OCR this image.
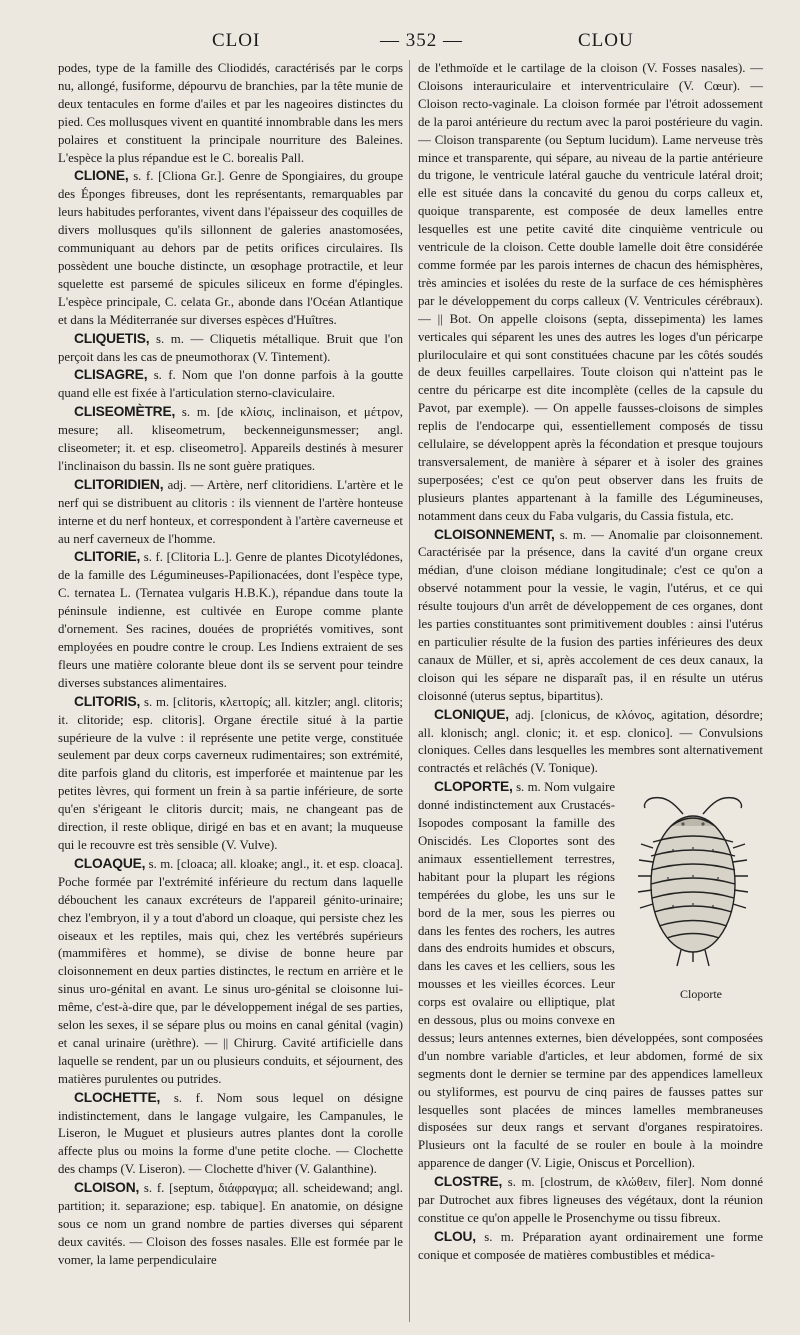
CLOI	— 352 —	CLOU

podes, type de la famille des Cliodidés, caractérisés par le corps nu, allongé, fusiforme, dépourvu de branchies, par la tête munie de deux tentacules en forme d'ailes et par les nageoires distinctes du pied. Ces mollusques vivent en quantité innombrable dans les mers polaires et constituent la principale nourriture des Baleines. L'espèce la plus répandue est le C. borealis Pall.

CLIONE, s. f. [Cliona Gr.]. Genre de Spongiaires, du groupe des Éponges fibreuses, dont les représentants, remarquables par leurs habitudes perforantes, vivent dans l'épaisseur des coquilles de divers mollusques qu'ils sillonnent de galeries anastomosées, communiquant au dehors par de petits orifices circulaires. Ils possèdent une bouche distincte, un œsophage protractile, et leur squelette est parsemé de spicules siliceux en forme d'épingles. L'espèce principale, C. celata Gr., abonde dans l'Océan Atlantique et dans la Méditerranée sur diverses espèces d'Huîtres.

CLIQUETIS, s. m. — Cliquetis métallique. Bruit que l'on perçoit dans les cas de pneumothorax (V. Tintement).

CLISAGRE, s. f. Nom que l'on donne parfois à la goutte quand elle est fixée à l'articulation sterno-claviculaire.

CLISEOMÈTRE, s. m. [de κλίσις, inclinaison, et μέτρον, mesure; all. kliseometrum, beckenneigunsmesser; angl. cliseometer; it. et esp. cliseometro]. Appareils destinés à mesurer l'inclinaison du bassin. Ils ne sont guère pratiques.

CLITORIDIEN, adj. — Artère, nerf clitoridiens. L'artère et le nerf qui se distribuent au clitoris : ils viennent de l'artère honteuse interne et du nerf honteux, et correspondent à l'artère caverneuse et au nerf caverneux de l'homme.

CLITORIE, s. f. [Clitoria L.]. Genre de plantes Dicotylédones, de la famille des Légumineuses-Papilionacées, dont l'espèce type, C. ternatea L. (Ternatea vulgaris H.B.K.), répandue dans toute la péninsule indienne, est cultivée en Europe comme plante d'ornement. Ses racines, douées de propriétés vomitives, sont employées en poudre contre le croup. Les Indiens extraient de ses fleurs une matière colorante bleue dont ils se servent pour teindre diverses substances alimentaires.

CLITORIS, s. m. [clitoris, κλειτορίς; all. kitzler; angl. clitoris; it. clitoride; esp. clitoris]. Organe érectile situé à la partie supérieure de la vulve : il représente une petite verge, constituée seulement par deux corps caverneux rudimentaires; son extrémité, dite parfois gland du clitoris, est imperforée et maintenue par les petites lèvres, qui forment un frein à sa partie inférieure, de sorte qu'en s'érigeant le clitoris durcit; mais, ne changeant pas de direction, il reste oblique, dirigé en bas et en avant; la muqueuse qui le recouvre est très sensible (V. Vulve).

CLOAQUE, s. m. [cloaca; all. kloake; angl., it. et esp. cloaca]. Poche formée par l'extrémité inférieure du rectum dans laquelle débouchent les canaux excréteurs de l'appareil génito-urinaire; chez l'embryon, il y a tout d'abord un cloaque, qui persiste chez les oiseaux et les reptiles, mais qui, chez les vertébrés supérieurs (mammifères et homme), se divise de bonne heure par cloisonnement en deux parties distinctes, le rectum en arrière et le sinus uro-génital en avant. Le sinus uro-génital se cloisonne lui-même, c'est-à-dire que, par le développement inégal de ses parties, selon les sexes, il se sépare plus ou moins en canal génital (vagin) et canal urinaire (urèthre). — || Chirurg. Cavité artificielle dans laquelle se rendent, par un ou plusieurs conduits, et séjournent, des matières purulentes ou putrides.

CLOCHETTE, s. f. Nom sous lequel on désigne indistinctement, dans le langage vulgaire, les Campanules, le Liseron, le Muguet et plusieurs autres plantes dont la corolle affecte plus ou moins la forme d'une petite cloche. — Clochette des champs (V. Liseron). — Clochette d'hiver (V. Galanthine).

CLOISON, s. f. [septum, διάφραγμα; all. scheidewand; angl. partition; it. separazione; esp. tabique]. En anatomie, on désigne sous ce nom un grand nombre de parties diverses qui séparent deux cavités. — Cloison des fosses nasales. Elle est formée par le vomer, la lame perpendiculaire

de l'ethmoïde et le cartilage de la cloison (V. Fosses nasales). — Cloisons interauriculaire et interventriculaire (V. Cœur). — Cloison recto-vaginale. La cloison formée par l'étroit adossement de la paroi antérieure du rectum avec la paroi postérieure du vagin. — Cloison transparente (ou Septum lucidum). Lame nerveuse très mince et transparente, qui sépare, au niveau de la partie antérieure du trigone, le ventricule latéral gauche du ventricule latéral droit; elle est située dans la concavité du genou du corps calleux et, quoique transparente, est composée de deux lamelles entre lesquelles est une petite cavité dite cinquième ventricule ou ventricule de la cloison. Cette double lamelle doit être considérée comme formée par les parois internes de chacun des hémisphères, très amincies et isolées du reste de la surface de ces hémisphères par le développement du corps calleux (V. Ventricules cérébraux). — || Bot. On appelle cloisons (septa, dissepimenta) les lames verticales qui séparent les unes des autres les loges d'un péricarpe pluriloculaire et qui sont constituées chacune par les côtés soudés de deux feuilles carpellaires. Toute cloison qui n'atteint pas le centre du péricarpe est dite incomplète (celles de la capsule du Pavot, par exemple). — On appelle fausses-cloisons de simples replis de l'endocarpe qui, essentiellement composés de tissu cellulaire, se développent après la fécondation et presque toujours transversalement, de manière à séparer et à isoler des graines superposées; c'est ce qu'on peut observer dans les fruits de plusieurs plantes appartenant à la famille des Légumineuses, notamment dans ceux du Faba vulgaris, du Cassia fistula, etc.

CLOISONNEMENT, s. m. — Anomalie par cloisonnement. Caractérisée par la présence, dans la cavité d'un organe creux médian, d'une cloison médiane longitudinale; c'est ce qu'on a observé notamment pour la vessie, le vagin, l'utérus, et ce qui résulte toujours d'un arrêt de développement de ces organes, dont les parties constituantes sont primitivement doubles : ainsi l'utérus en particulier résulte de la fusion des parties inférieures des deux canaux de Müller, et si, après accolement de ces deux canaux, la cloison qui les sépare ne disparaît pas, il en résulte un utérus cloisonné (uterus septus, bipartitus).

CLONIQUE, adj. [clonicus, de κλόνος, agitation, désordre; all. klonisch; angl. clonic; it. et esp. clonico]. — Convulsions cloniques. Celles dans lesquelles les membres sont alternativement contractés et relâchés (V. Tonique).

Cloporte
CLOPORTE, s. m. Nom vulgaire donné indistinctement aux Crustacés-Isopodes composant la famille des Oniscidés. Les Cloportes sont des animaux essentiellement terrestres, habitant pour la plupart les régions tempérées du globe, les uns sur le bord de la mer, sous les pierres ou dans les fentes des rochers, les autres dans des endroits humides et obscurs, dans les caves et les celliers, sous les mousses et les vieilles écorces. Leur corps est ovalaire ou elliptique, plat en dessous, plus ou moins convexe en dessus; leurs antennes externes, bien développées, sont composées d'un nombre variable d'articles, et leur abdomen, formé de six segments dont le dernier se termine par des appendices lamelleux ou styliformes, est pourvu de cinq paires de fausses pattes sur lesquelles sont placées de minces lamelles membraneuses disposées sur deux rangs et servant d'organes respiratoires. Plusieurs ont la faculté de se rouler en boule à la moindre apparence de danger (V. Ligie, Oniscus et Porcellion).

CLOSTRE, s. m. [clostrum, de κλώθειν, filer]. Nom donné par Dutrochet aux fibres ligneuses des végétaux, dont la réunion constitue ce qu'on appelle le Prosenchyme ou tissu fibreux.

CLOU, s. m. Préparation ayant ordinairement une forme conique et composée de matières combustibles et médica-
